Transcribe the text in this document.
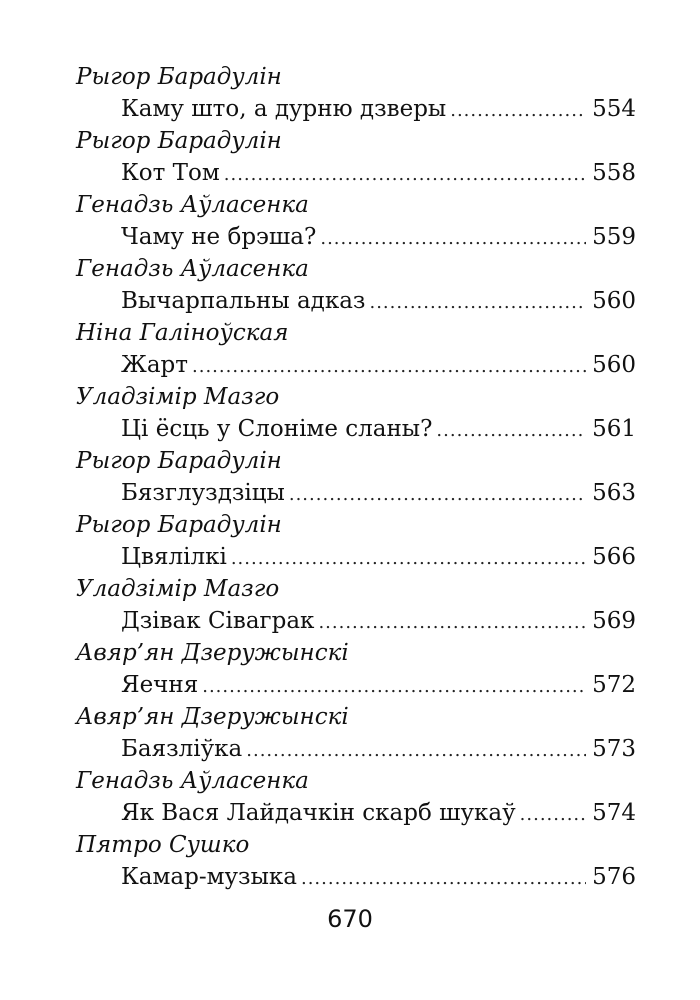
Рыгор Барадулін
Каму што, а дурню дзверы .....	554
Рыгор Барадулін
Кот Том .....	558
Генадзь Аўласенка
Чаму не брэша? .....	559
Генадзь Аўласенка
Вычарпальны адказ .....	560
Ніна Галіноўская
Жарт .....	560
Уладзімір Мазго
Ці ёсць у Слоніме сланы? .....	561
Рыгор Барадулін
Бязглуздзіцы .....	563
Рыгор Барадулін
Цвялілкі .....	566
Уладзімір Мазго
Дзівак Сіваграк .....	569
Авяр’ян Дзеружынскі
Яечня .....	572
Авяр’ян Дзеружынскі
Баязліўка .....	573
Генадзь Аўласенка
Як Вася Лайдачкін скарб шукаў .....	574
Пятро Сушко
Камар-музыка .....	576
670
